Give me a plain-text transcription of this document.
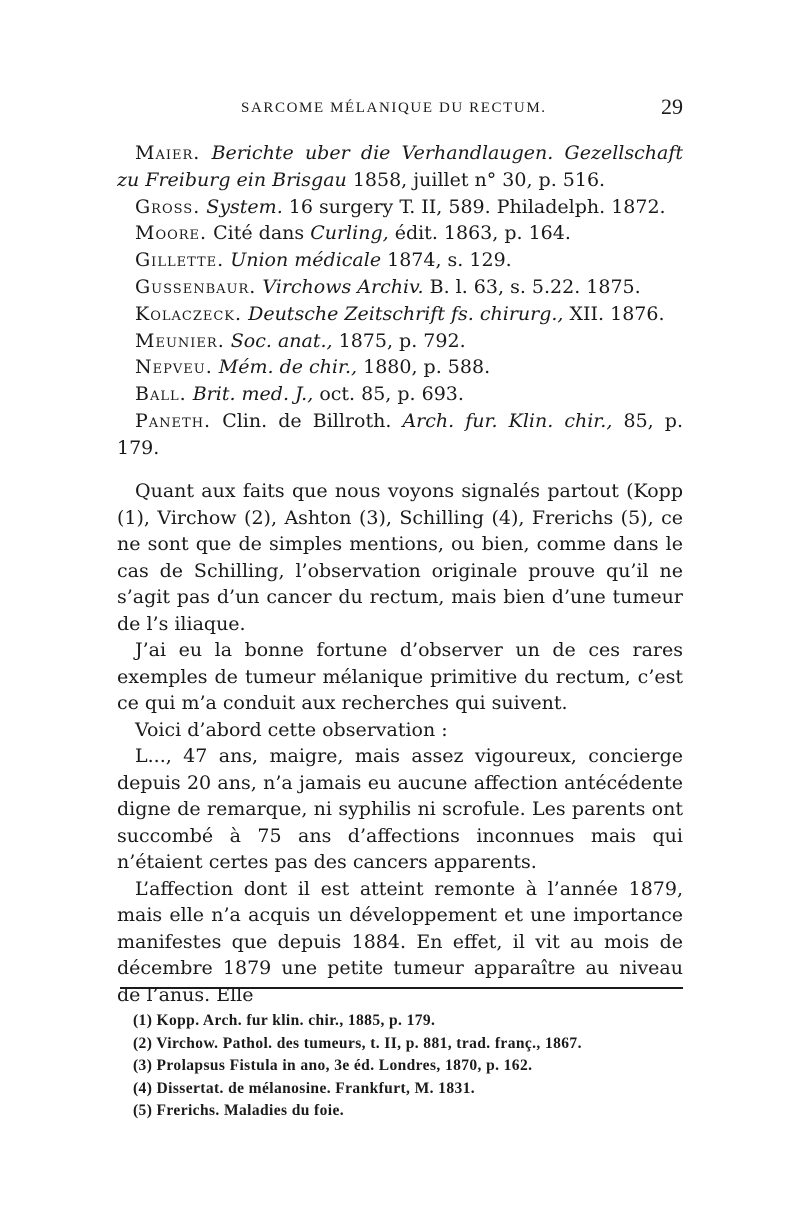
SARCOME MÉLANIQUE DU RECTUM.	29

Maier. Berichte uber die Verhandlaugen. Gezellschaft zu Freiburg ein Brisgau 1858, juillet n° 30, p. 516.

Gross. System. 16 surgery T. II, 589. Philadelph. 1872.

Moore. Cité dans Curling, édit. 1863, p. 164.

Gillette. Union médicale 1874, s. 129.

Gussenbaur. Virchows Archiv. B. l. 63, s. 5.22. 1875.

Kolaczeck. Deutsche Zeitschrift fs. chirurg., XII. 1876.

Meunier. Soc. anat., 1875, p. 792.

Nepveu. Mém. de chir., 1880, p. 588.

Ball. Brit. med. J., oct. 85, p. 693.

Paneth. Clin. de Billroth. Arch. fur. Klin. chir., 85, p. 179.

Quant aux faits que nous voyons signalés partout (Kopp (1), Virchow (2), Ashton (3), Schilling (4), Frerichs (5), ce ne sont que de simples mentions, ou bien, comme dans le cas de Schilling, l’observation originale prouve qu’il ne s’agit pas d’un cancer du rectum, mais bien d’une tumeur de l’s iliaque.

J’ai eu la bonne fortune d’observer un de ces rares exemples de tumeur mélanique primitive du rectum, c’est ce qui m’a conduit aux recherches qui suivent.

Voici d’abord cette observation :

L..., 47 ans, maigre, mais assez vigoureux, concierge depuis 20 ans, n’a jamais eu aucune affection antécédente digne de remarque, ni syphilis ni scrofule. Les parents ont succombé à 75 ans d’affections inconnues mais qui n’étaient certes pas des cancers apparents.

L’affection dont il est atteint remonte à l’année 1879, mais elle n’a acquis un développement et une importance manifestes que depuis 1884. En effet, il vit au mois de décembre 1879 une petite tumeur apparaître au niveau de l’anus. Elle

(1) Kopp. Arch. fur klin. chir., 1885, p. 179.

(2) Virchow. Pathol. des tumeurs, t. II, p. 881, trad. franç., 1867.

(3) Prolapsus Fistula in ano, 3e éd. Londres, 1870, p. 162.

(4) Dissertat. de mélanosine. Frankfurt, M. 1831.

(5) Frerichs. Maladies du foie.
